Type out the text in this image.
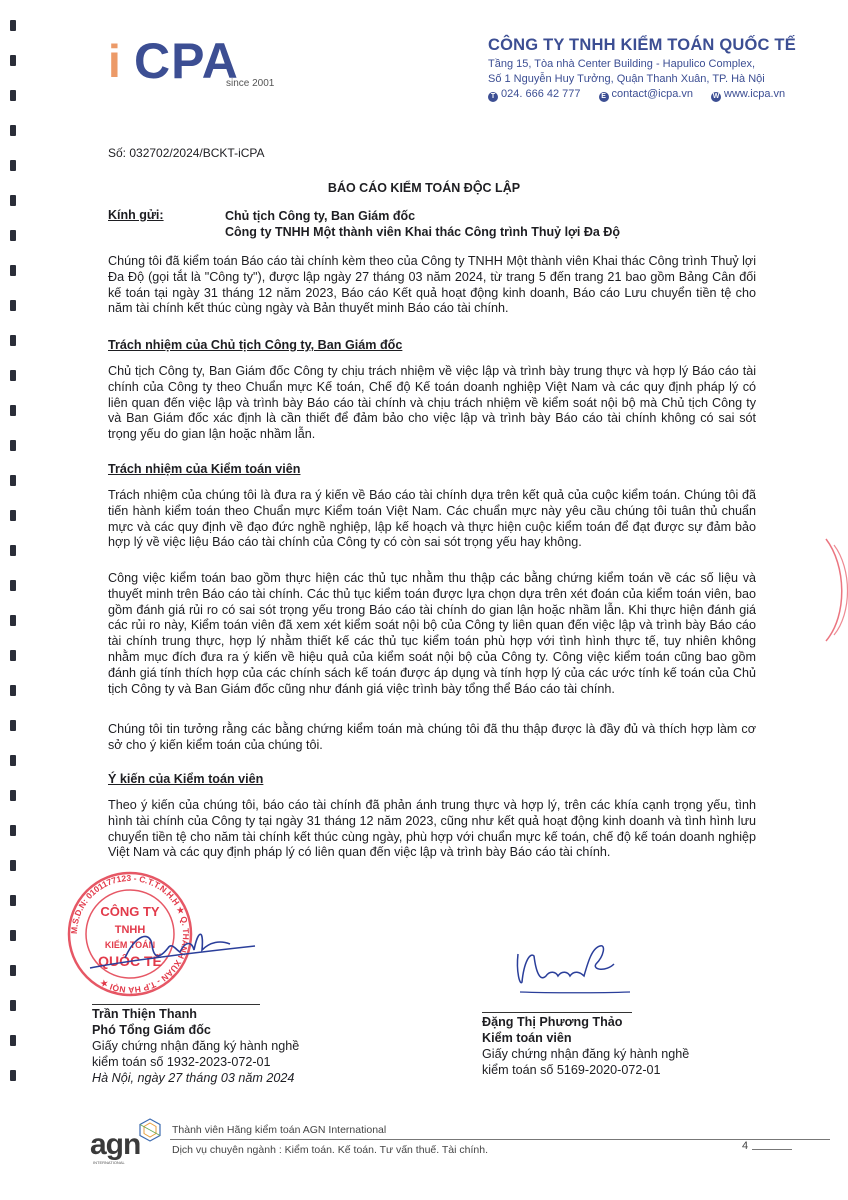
i CPA
since 2001
CÔNG TY TNHH KIỂM TOÁN QUỐC TẾ
Tầng 15, Tòa nhà Center Building - Hapulico Complex,
Số 1 Nguyễn Huy Tưởng, Quận Thanh Xuân, TP. Hà Nội
T 024. 666 42 777	E contact@icpa.vn	W www.icpa.vn
Số: 032702/2024/BCKT-iCPA
BÁO CÁO KIỂM TOÁN ĐỘC LẬP
Kính gửi:	Chủ tịch Công ty, Ban Giám đốc
Công ty TNHH Một thành viên Khai thác Công trình Thuỷ lợi Đa Độ
Chúng tôi đã kiểm toán Báo cáo tài chính kèm theo của Công ty TNHH Một thành viên Khai thác Công trình Thuỷ lợi Đa Độ (gọi tắt là "Công ty"), được lập ngày 27 tháng 03 năm 2024, từ trang 5 đến trang 21 bao gồm Bảng Cân đối kế toán tại ngày 31 tháng 12 năm 2023, Báo cáo Kết quả hoạt động kinh doanh, Báo cáo Lưu chuyển tiền tệ cho năm tài chính kết thúc cùng ngày và Bản thuyết minh Báo cáo tài chính.
Trách nhiệm của Chủ tịch Công ty, Ban Giám đốc
Chủ tịch Công ty, Ban Giám đốc Công ty chịu trách nhiệm về việc lập và trình bày trung thực và hợp lý Báo cáo tài chính của Công ty theo Chuẩn mực Kế toán, Chế độ Kế toán doanh nghiệp Việt Nam và các quy định pháp lý có liên quan đến việc lập và trình bày Báo cáo tài chính và chịu trách nhiệm về kiểm soát nội bộ mà Chủ tịch Công ty và Ban Giám đốc xác định là cần thiết để đảm bảo cho việc lập và trình bày Báo cáo tài chính không có sai sót trọng yếu do gian lận hoặc nhầm lẫn.
Trách nhiệm của Kiểm toán viên
Trách nhiệm của chúng tôi là đưa ra ý kiến về Báo cáo tài chính dựa trên kết quả của cuộc kiểm toán. Chúng tôi đã tiến hành kiểm toán theo Chuẩn mực Kiểm toán Việt Nam. Các chuẩn mực này yêu cầu chúng tôi tuân thủ chuẩn mực và các quy định về đạo đức nghề nghiệp, lập kế hoạch và thực hiện cuộc kiểm toán để đạt được sự đảm bảo hợp lý về việc liệu Báo cáo tài chính của Công ty có còn sai sót trọng yếu hay không.
Công việc kiểm toán bao gồm thực hiện các thủ tục nhằm thu thập các bằng chứng kiểm toán về các số liệu và thuyết minh trên Báo cáo tài chính. Các thủ tục kiểm toán được lựa chọn dựa trên xét đoán của kiểm toán viên, bao gồm đánh giá rủi ro có sai sót trọng yếu trong Báo cáo tài chính do gian lận hoặc nhầm lẫn. Khi thực hiện đánh giá các rủi ro này, Kiểm toán viên đã xem xét kiểm soát nội bộ của Công ty liên quan đến việc lập và trình bày Báo cáo tài chính trung thực, hợp lý nhằm thiết kế các thủ tục kiểm toán phù hợp với tình hình thực tế, tuy nhiên không nhằm mục đích đưa ra ý kiến về hiệu quả của kiểm soát nội bộ của Công ty. Công việc kiểm toán cũng bao gồm đánh giá tính thích hợp của các chính sách kế toán được áp dụng và tính hợp lý của các ước tính kế toán của Chủ tịch Công ty và Ban Giám đốc cũng như đánh giá việc trình bày tổng thể Báo cáo tài chính.
Chúng tôi tin tưởng rằng các bằng chứng kiểm toán mà chúng tôi đã thu thập được là đầy đủ và thích hợp làm cơ sở cho ý kiến kiểm toán của chúng tôi.
Ý kiến của Kiểm toán viên
Theo ý kiến của chúng tôi, báo cáo tài chính đã phản ánh trung thực và hợp lý, trên các khía cạnh trọng yếu, tình hình tài chính của Công ty tại ngày 31 tháng 12 năm 2023, cũng như kết quả hoạt động kinh doanh và tình hình lưu chuyển tiền tệ cho năm tài chính kết thúc cùng ngày, phù hợp với chuẩn mực kế toán, chế độ kế toán doanh nghiệp Việt Nam và các quy định pháp lý có liên quan đến việc lập và trình bày Báo cáo tài chính.
CÔNG TY
TNHH
KIỂM TOÁN
QUỐC TẾ
M.S.D.N: 0101177123 - C.T.T.N.H.H ★ Q. THANH XUÂN - T.P HÀ NỘI ★
Trần Thiện Thanh
Phó Tổng Giám đốc
Giấy chứng nhận đăng ký hành nghề
kiểm toán số 1932-2023-072-01
Hà Nội, ngày 27 tháng 03 năm 2024
Đặng Thị Phương Thảo
Kiểm toán viên
Giấy chứng nhận đăng ký hành nghề
kiểm toán số 5169-2020-072-01
agn
INTERNATIONAL
Thành viên Hãng kiểm toán AGN International
Dịch vụ chuyên ngành : Kiểm toán. Kế toán. Tư vấn thuế. Tài chính.	4
